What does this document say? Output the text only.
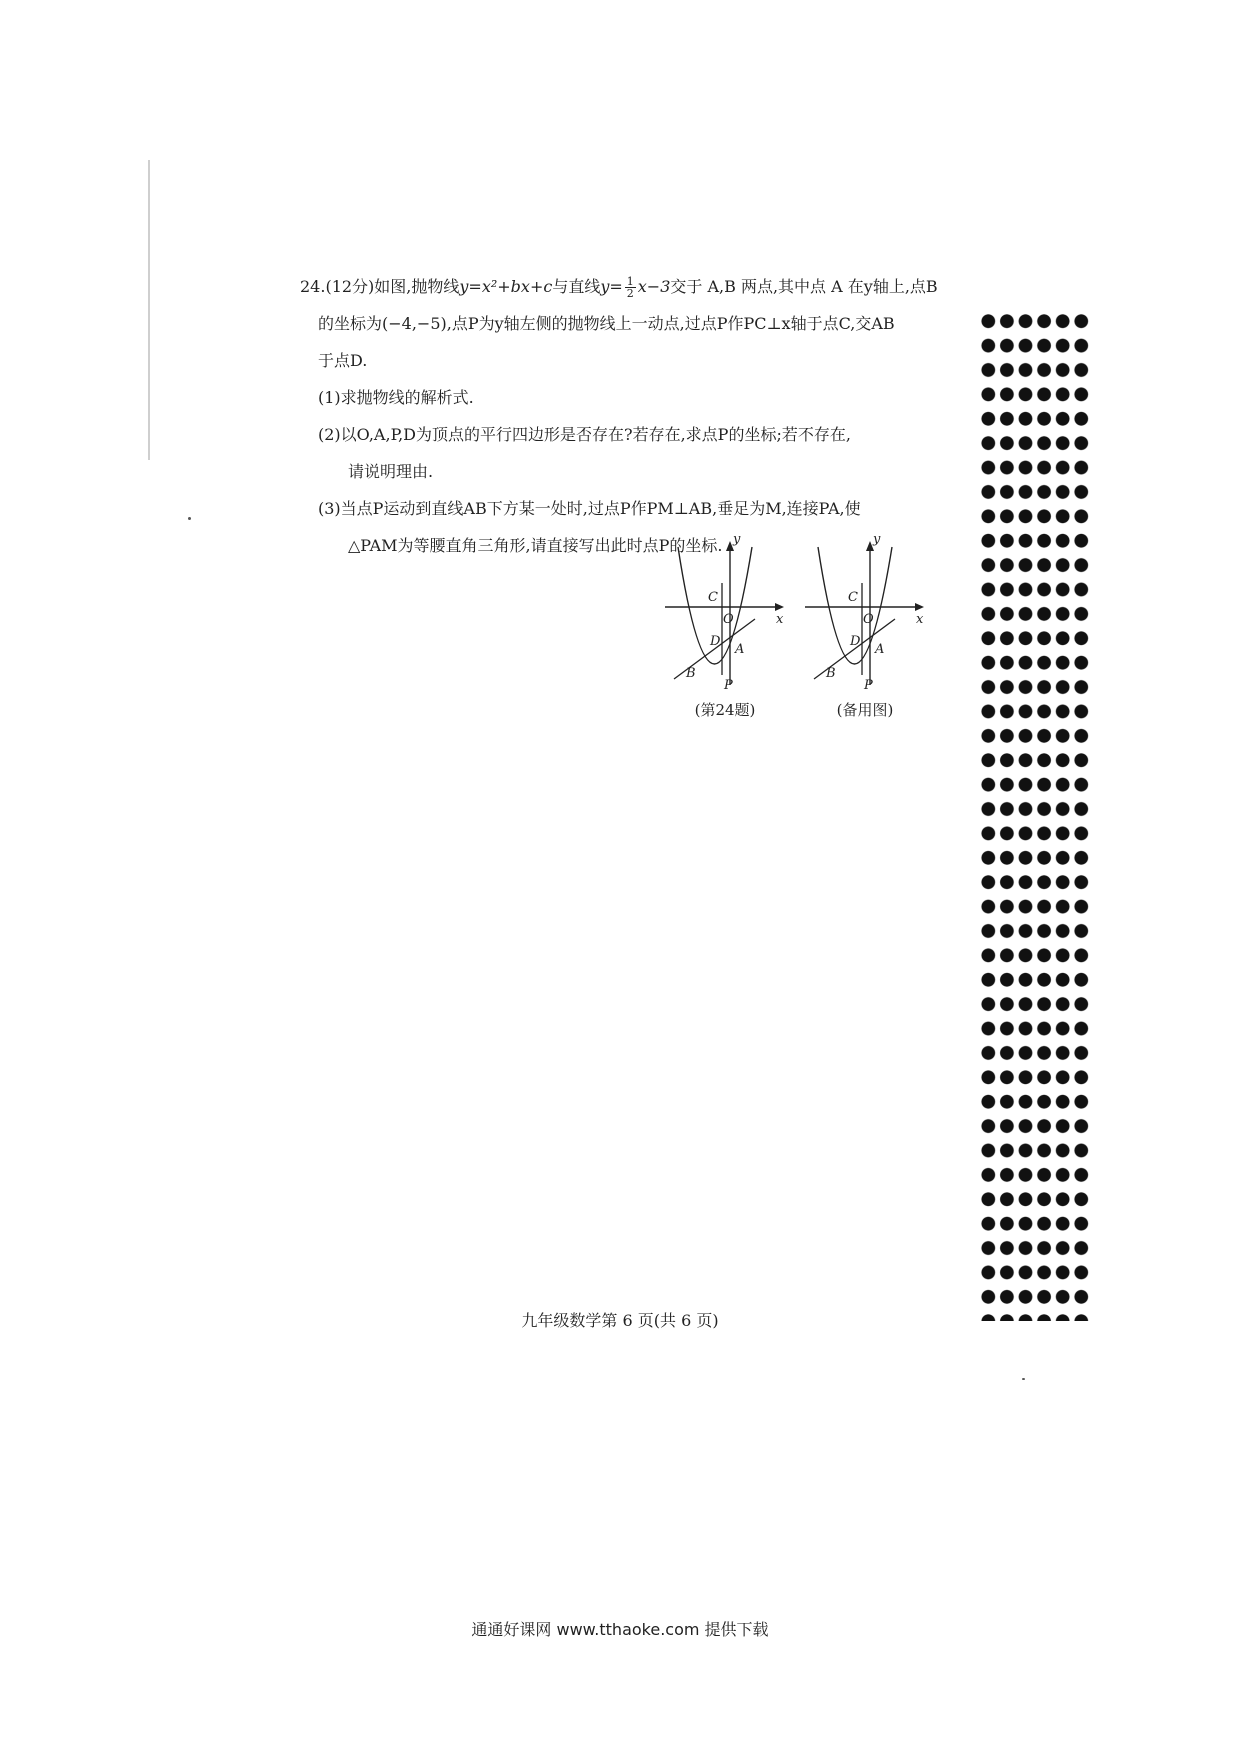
24.(12分)如图,抛物线y=x²+bx+c与直线$y= \frac{1}{2} x-3$交于 A,B 两点,其中点 A 在y轴上,点B

的坐标为(−4,−5),点P为y轴左侧的抛物线上一动点,过点P作PC⊥x轴于点C,交AB

于点D.

(1)求抛物线的解析式.

(2)以O,A,P,D为顶点的平行四边形是否存在?若存在,求点P的坐标;若不存在,

请说明理由.

(3)当点P运动到直线AB下方某一处时,过点P作PM⊥AB,垂足为M,连接PA,使

△PAM为等腰直角三角形,请直接写出此时点P的坐标. y
x
C
O
D
A
B
P
(第24题)
y
x
C
O
D
A
B
P
(备用图)
九年级数学第 6 页(共 6 页)
通通好课网 www.tthaoke.com 提供下载
